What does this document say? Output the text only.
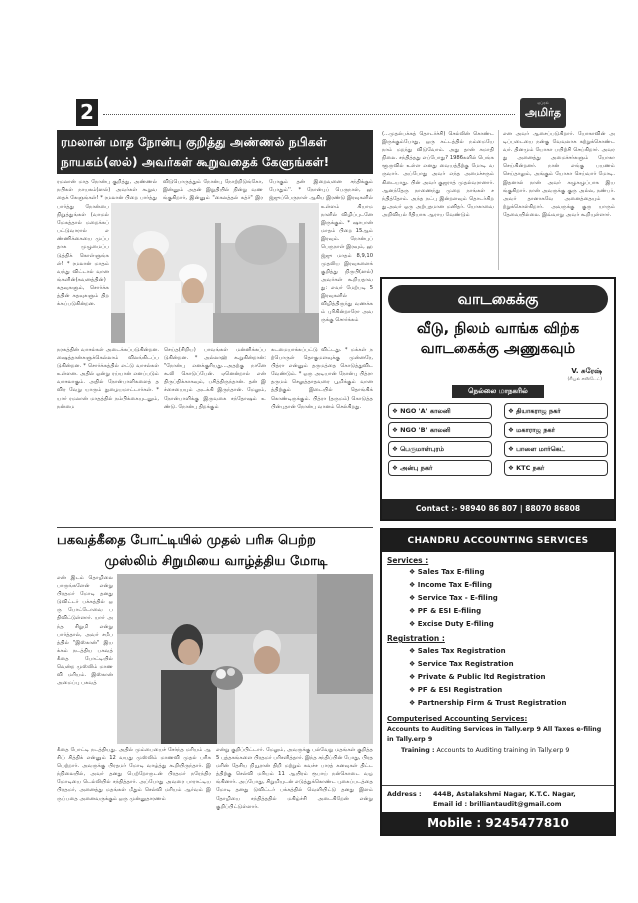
2	ஏப்ரல்
அமிர்த
ரமலான் மாத நோன்பு குறித்து அண்ணல் நபிகள்
நாயகம்(ஸல்) அவர்கள் கூறுவதைக் கேளுங்கள்!
(...முதல்பக்கத் தொடர்ச்சி) செல்லின் கொண்ட இருக்கும்போது, ஒரு கட்டத்தில் நம்மையே நாம் மறந்து விடுவோம். அது தான் சுமாதி நிலை. சந்தித்தது எப்போது? 1986களில் பெங்களூருவில் உள்ள எனது வையத்தீற்கு மோடி வருவார். அப்போது அவர் எந்த அமைச்சரும் கிடையாது. பின் அவர் குஜராத் முதல்வரானார். ஆனந்தேரு நாணைந்து முறை நாங்கள் சந்தித்தோம். அந்த நட்பு இன்றளவும் தொடர்கிறது.அவர் ஒரு அற்புதமான மனிதர். யோகாவை அறிவியல் ரீதியாக ஆராய வேண்டும்
என அவர் ஆசைப்படுகிறார். யோகாவின் அடிப்படையை நன்கு வேவலாக கற்றுக்கொண்டவர். தினமும் யோகா பயிற்சி செய்கிறார். அவரது அனைத்து அமைச்சர்களும் யோகா செய்கின்றனர். நான் எங்கு பயணம் செய்தாலும், அங்கும் யோகா செய்வார் மோடி. இதனால் நான் அவர் கழுகழுப்பாக இயங்குகிறார். நான் அவருக்கு குரு அல்ல, நண்பர். அவர் தானாகவே அனைத்தையும் கற்றுக்கொள்கிறார். அவருக்கு குரு யாரும் தேவையில்லை. இவ்வாறு அவர் கூறியுள்ளார்.
ரமலான் மாத நோன்பு குறித்து, அண்ணல் நபிகள் நாயகம்(ஸல்) அவர்கள் கூறுவதைக் கேளுங்கள்! * ரமலான் பிறை பார்த்து
விடுபொருத்தும் நோன்பு நோற்றிடுங்கோ, இன்னும் அதன் இறுதியில் நின்று வணங்குகிறார், இன்னும் "கைலத்தல் கத்ர்" இர
போகும் தன் இறைவனை சந்திக்கும் போதும்''. * நோன்புப் பெருநாள், ஹஜ்ஜுப்பெருநாள் ஆகிய இரண்டு இரவுகளில்
பார்த்து நோன்பை நிறுத்துங்கள் (வாமல் மேகத்தால் மறைக்கப் பட்டுவாரால் எண்ணிக்கையை முப்பதாக முழுமைப்படுத்திக் கொள்ளுங்கள்! * ரமலான் மாதம் வந்து விட்டால் வானங்களின்(சுவனத்தின்) கதவுகளும், சொர்க்கத்தின் கதவுகளும் திறக்கப்படுகின்றன.
உள்ளம் கியாம நாளில் விழிப்புடனே இருக்கும். * ஷாபான் மாதம் பிறை 15ஆம் இரவும். நோன்புப் பெருநாள் இரவும், ஹஜ்ஜு மாதம் 8,9,10 முதலிய இரவுகளைக் குறித்து நிருபி(ஸல்) அவர்கள் கூறியதாவது: எவர் மேற்படி 5 இரவுகளில் விழித்திருந்து வணக்கம் புரிகின்றாரோ அவருக்கு சொர்க்கம்
நரகத்தின் வாசல்கள் அடைக்கப்படுகின்றன. ஷைத்தான்களுக்கெல்லாம் விலங்கிடப்படுகின்றன. * சொர்க்கத்தில் எட்டு வாசல்கள் உள்ளன. அதில் ஒன்று ரய்யான் எனப்படும் வாசலாகும். அதில் நோன்பாளிகளைத் தவிர வேறு யாரும் நுழையமாட்டார்கள். * யார் ரமலான் மாதத்தில் நம்பிக்கையுடனும், நன்மை
செய்த(சிறிய) பாவங்கள் மன்னிக்கப்படுகின்றன. * அல்லாஹ் கூறுகின்றான்: "நோன்பு எனக்குரியது...அதற்கு நானே கூலி கொடுப்பேன். ஏனென்றால் என் திருப்திக்காகவும், பசித்திருந்தான். தன் இச்சையையும் அடக்கி இருந்தான். மேலும், நோன்பாளிக்கு இருவகை சந்தோஷம் உண்டு. நோன்பு திறக்கும்
கடமையாக்கப்பட்டு விட்டது. * மக்கள் நற்பொருள் தொகுமளவுக்கு முன்னரே, பித்ரா என்னும் தருமத்தை கொடுத்துவிட வேண்டும். * ஒரு அடியான் நோன்பு பித்ரா தருமம் செலுத்தாதவரை பூமிக்கும் வானத்திற்கும் இடையில் தொங்கிக் கொண்டிருக்கும். பித்ரா (தருமம்) கொடுத்த பின்புதான் நோன்பு வானம் செல்கிறது.
வாடகைக்கு
வீடு, நிலம் வாங்க விற்க
வாடகைக்கு அணுகவும்
V. சுரேஷ்
(ரியல் எஸ்டேட்)
நெல்லை மாநகரில்
❖ NGO 'A' காலனி	❖ தியாகராஜ நகர்
❖ NGO 'B' காலனி	❖ மகாராஜ நகர்
❖ பெருமாள்புரம்	❖ பாளை மார்கெட்
❖ அன்பு நகர்	❖ KTC நகர்
Contact :- 98940 86 807 | 88070 86808
பகவத்கீதை போட்டியில் முதல் பரிசு பெற்ற
முஸ்லிம் சிறுமியை வாழ்த்திய மோடி
என் இடம் தொழிலை பாருங்களேன் என்று பிரதமர் மோடி தனது டுவிட்டர் பக்கத்தில் ஒரு போட்டோவை பதிவிட்டுள்ளார். யார் அந்த சிறுமி என்று பார்த்தால், அவர் சமீபத்தில் "இஸ்கான்" இயக்கம் நடத்திய பகவத் கீதை போட்டியில் வென்ற முஸ்லிம் மாணவி மரியம். இஸ்கான் அமைப்பு பகவத்
கீதை போட்டி நடத்தியது. அதில் மும்பையைச் சேர்ந்த மரியம் ஆசிப் சித்திக் என்னும் 12 வயது முஸ்லிம் மாணவி முதல் பரிசு பெற்றார். அவருக்கு பிரதமர் மோடி வாழ்த்து கூறியிருந்தார். இந்நிலையில், அவர் தனது பெற்றோருடன் பிரதமர் நரேந்திர மோடியை டெல்லியில் சந்தித்தார். அப்போது அவரை பாராட்டிய பிரதமர், அனைத்து மதங்கள் மீதும் செல்வி மரியம் ஆர்வம் இருப்பதை அனைவருக்கும் ஒரு முன்னுதாரணம்
என்று குறிப்பிட்டார். மேலும், அவருக்கு பல்வேறு மதங்கள் குறித்த 5 புத்தகங்களை பிரதமர் பரிசளித்தார். இந்த சந்திப்பின் போது, பிரதமரின் தேசிய நியூரான் திறி மற்றும் சுவச்ச பாரத் கனவுகள் திட்டத்திற்கு செல்வி மரியம் 11 ஆயிரம் ரூபாய் நன்கொடை வழங்கினார். அப்போது, சிறுமியுடன் எடுத்துக்கொண்ட புகைப்படத்தை மோடி தனது டுவிட்டர் பக்கத்தில் வெளியிட்டு தனது இளம் தோழியை சந்தித்ததில் மகிழ்ச்சி அடைகிறேன் என்று குறிப்பிட்டுள்ளார்.
CHANDRU ACCOUNTING SERVICES
Services :
❖ Sales Tax E-filing
❖ Income Tax E-filing
❖ Service Tax - E-filing
❖ PF & ESI E-filing
❖ Excise Duty E-filing
Registration :
❖ Sales Tax Registration
❖ Service Tax Registration
❖ Private & Public ltd Registration
❖ PF & ESI Registration
❖ Partnership Firm & Trust Registration
Computerised Accounting Services:
Accounts to Auditing Services in Tally.erp 9 All Taxes e-filing in Tally.erp 9
Training : Accounts to Auditing training in Tally.erp 9
Address :	444B, Astalakshmi Nagar, K.T.C. Nagar,
Email id : brilliantaudit@gmail.com
Mobile : 9245477810
